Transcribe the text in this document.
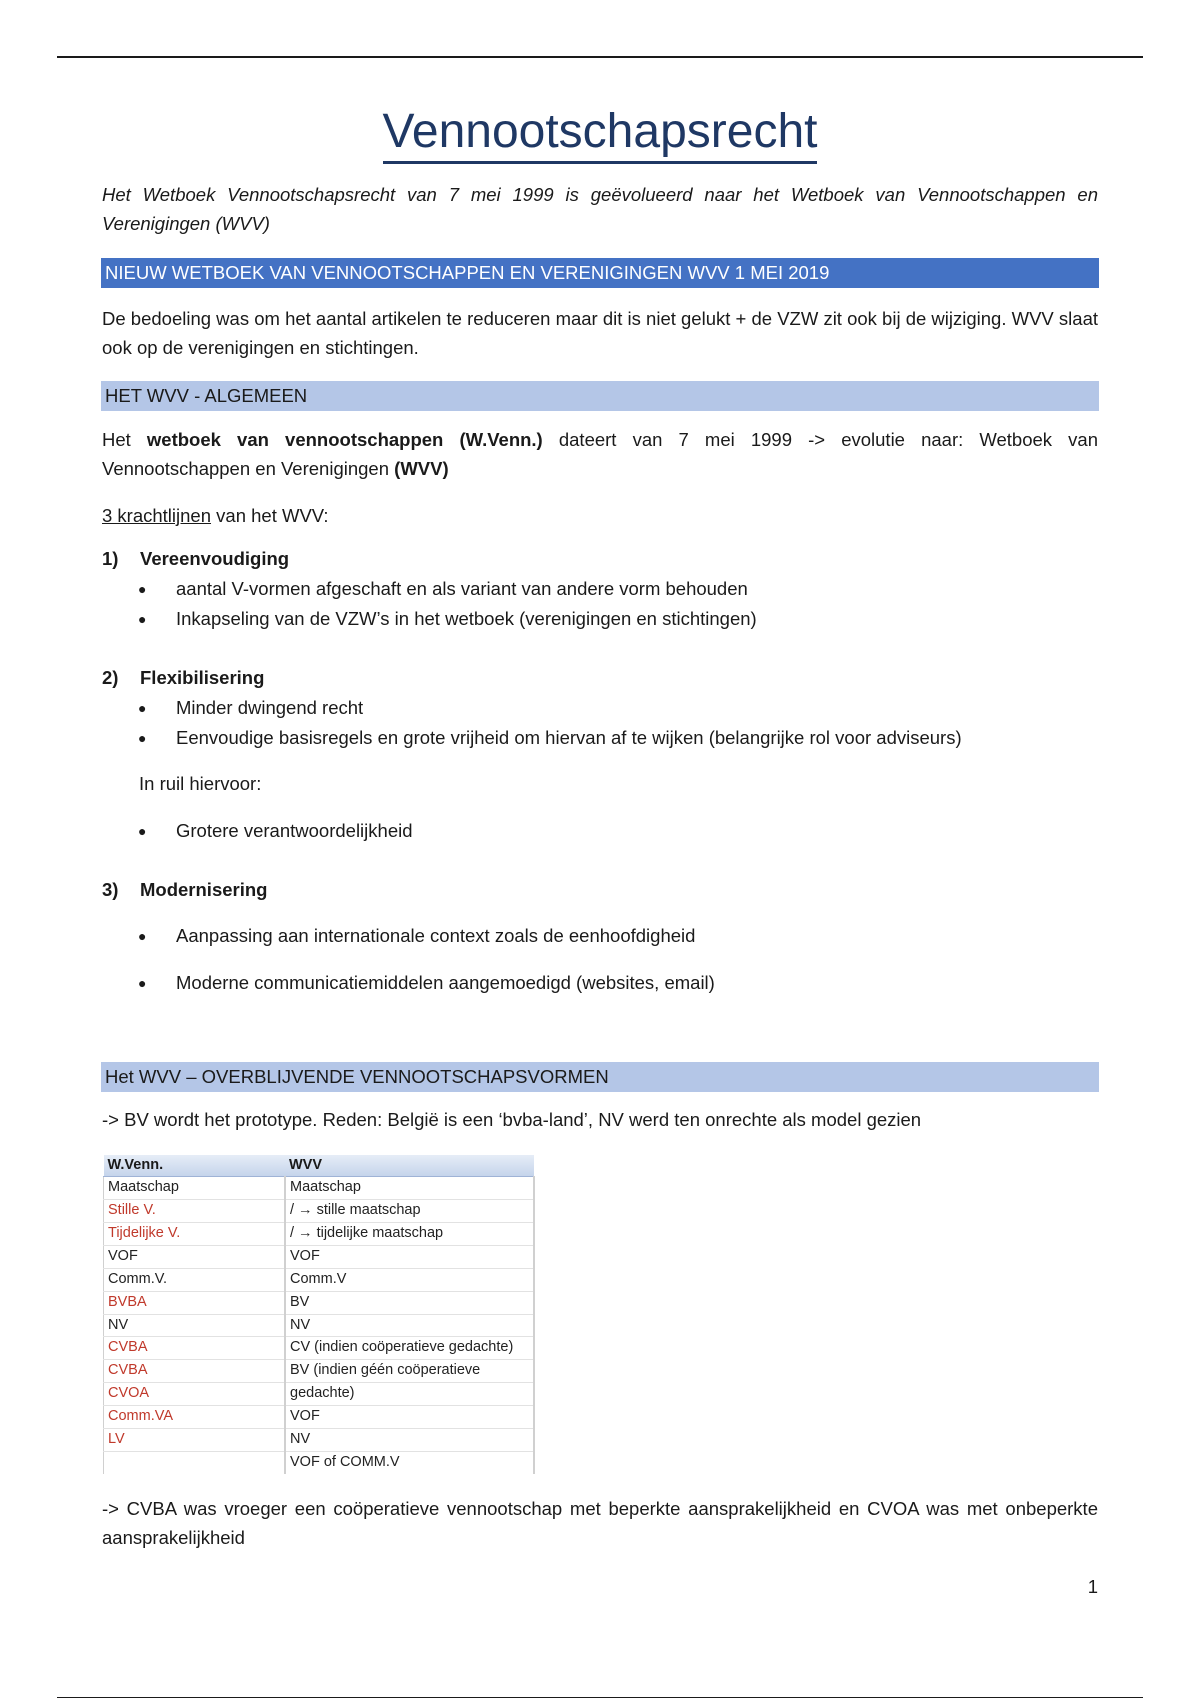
Vennootschapsrecht
Het Wetboek Vennootschapsrecht van 7 mei 1999 is geëvolueerd naar het Wetboek van Vennootschappen en Verenigingen (WVV)
NIEUW WETBOEK VAN VENNOOTSCHAPPEN EN VERENIGINGEN WVV 1 MEI 2019
De bedoeling was om het aantal artikelen te reduceren maar dit is niet gelukt + de VZW zit ook bij de wijziging. WVV slaat ook op de verenigingen en stichtingen.
HET WVV - ALGEMEEN
Het wetboek van vennootschappen (W.Venn.) dateert van 7 mei 1999 -> evolutie naar: Wetboek van
Vennootschappen en Verenigingen (WVV)
3 krachtlijnen van het WVV:
1) Vereenvoudiging
● aantal V-vormen afgeschaft en als variant van andere vorm behouden
● Inkapseling van de VZW’s in het wetboek (verenigingen en stichtingen)
2) Flexibilisering
● Minder dwingend recht
● Eenvoudige basisregels en grote vrijheid om hiervan af te wijken (belangrijke rol voor adviseurs)
In ruil hiervoor:
● Grotere verantwoordelijkheid
3) Modernisering
● Aanpassing aan internationale context zoals de eenhoofdigheid
● Moderne communicatiemiddelen aangemoedigd (websites, email)
Het WVV – OVERBLIJVENDE VENNOOTSCHAPSVORMEN
-> BV wordt het prototype. Reden: België is een ‘bvba-land’, NV werd ten onrechte als model gezien
W.Venn.	WVV
Maatschap	Maatschap
Stille V.	/ → stille maatschap
Tijdelijke V.	/ → tijdelijke maatschap
VOF	VOF
Comm.V.	Comm.V
BVBA	BV
NV	NV
CVBA	CV (indien coöperatieve gedachte)
CVBA	BV (indien géén coöperatieve
CVOA	gedachte)
Comm.VA	VOF
LV	NV
	VOF of COMM.V
-> CVBA was vroeger een coöperatieve vennootschap met beperkte aansprakelijkheid en CVOA was met onbeperkte aansprakelijkheid
1
